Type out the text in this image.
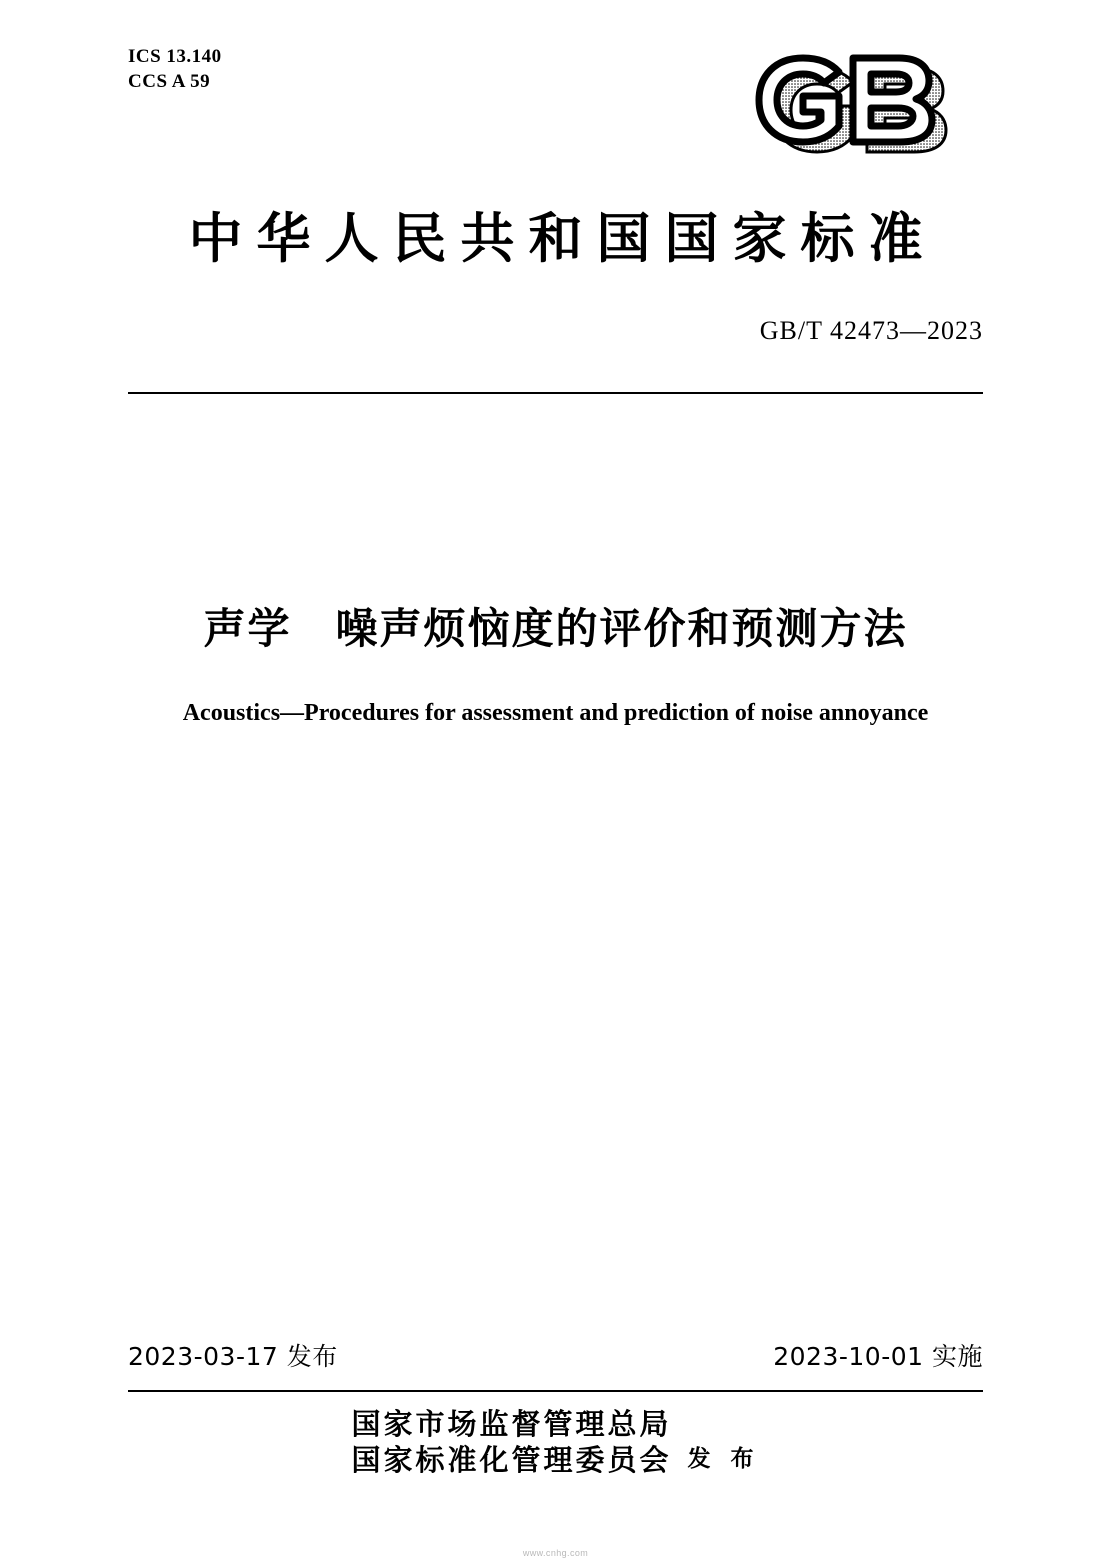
ICS 13.140
CCS A 59
中华人民共和国国家标准
GB/T 42473—2023
声学　噪声烦恼度的评价和预测方法
Acoustics—Procedures for assessment and prediction of noise annoyance
2023-03-17 发布	2023-10-01 实施
国家市场监督管理总局
国家标准化管理委员会 发 布
www.cnhg.com
